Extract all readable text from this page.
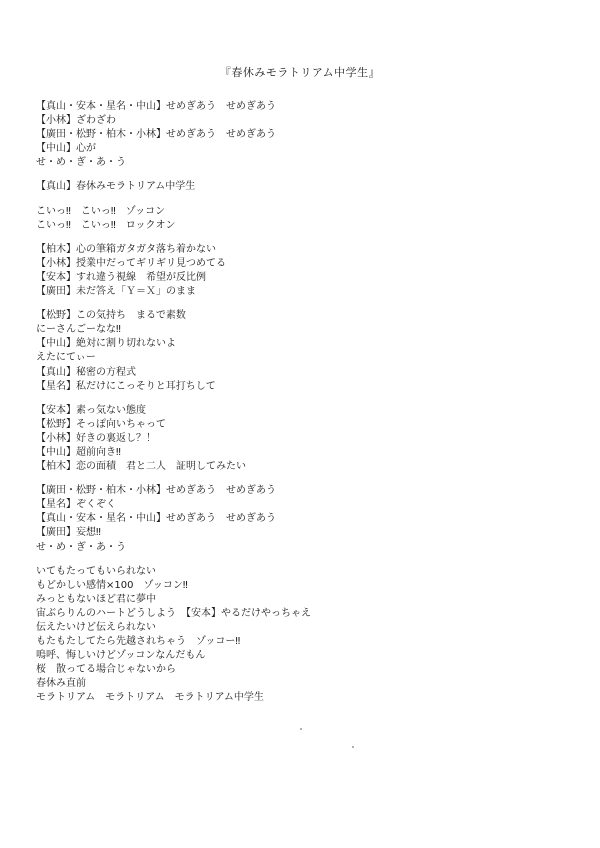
『春休みモラトリアム中学生』
【真山・安本・星名・中山】せめぎあう　せめぎあう
【小林】ざわざわ
【廣田・松野・柏木・小林】せめぎあう　せめぎあう
【中山】心が
せ・め・ぎ・あ・う
【真山】春休みモラトリアム中学生
こいっ‼　こいっ‼　ゾッコン
こいっ‼　こいっ‼　ロックオン
【柏木】心の筆箱ガタガタ落ち着かない
【小林】授業中だってギリギリ見つめてる
【安本】すれ違う視線　希望が反比例
【廣田】未だ答え「Ｙ＝Ｘ」のまま
【松野】この気持ち　まるで素数
にーさんごーなな‼
【中山】絶対に割り切れないよ
えたにてぃー
【真山】秘密の方程式
【星名】私だけにこっそりと耳打ちして
【安本】素っ気ない態度
【松野】そっぽ向いちゃって
【小林】好きの裏返し？！
【中山】超前向き‼
【柏木】恋の面積　君と二人　証明してみたい
【廣田・松野・柏木・小林】せめぎあう　せめぎあう
【星名】ぞくぞく
【真山・安本・星名・中山】せめぎあう　せめぎあう
【廣田】妄想‼
せ・め・ぎ・あ・う
いてもたってもいられない
もどかしい感情×100　ゾッコン‼
みっともないほど君に夢中
宙ぶらりんのハートどうしよう　【安本】やるだけやっちゃえ
伝えたいけど伝えられない
もたもたしてたら先越されちゃう　ゾッコー‼
嗚呼、悔しいけどゾッコンなんだもん
桜　散ってる場合じゃないから
春休み直前
モラトリアム　モラトリアム　モラトリアム中学生
